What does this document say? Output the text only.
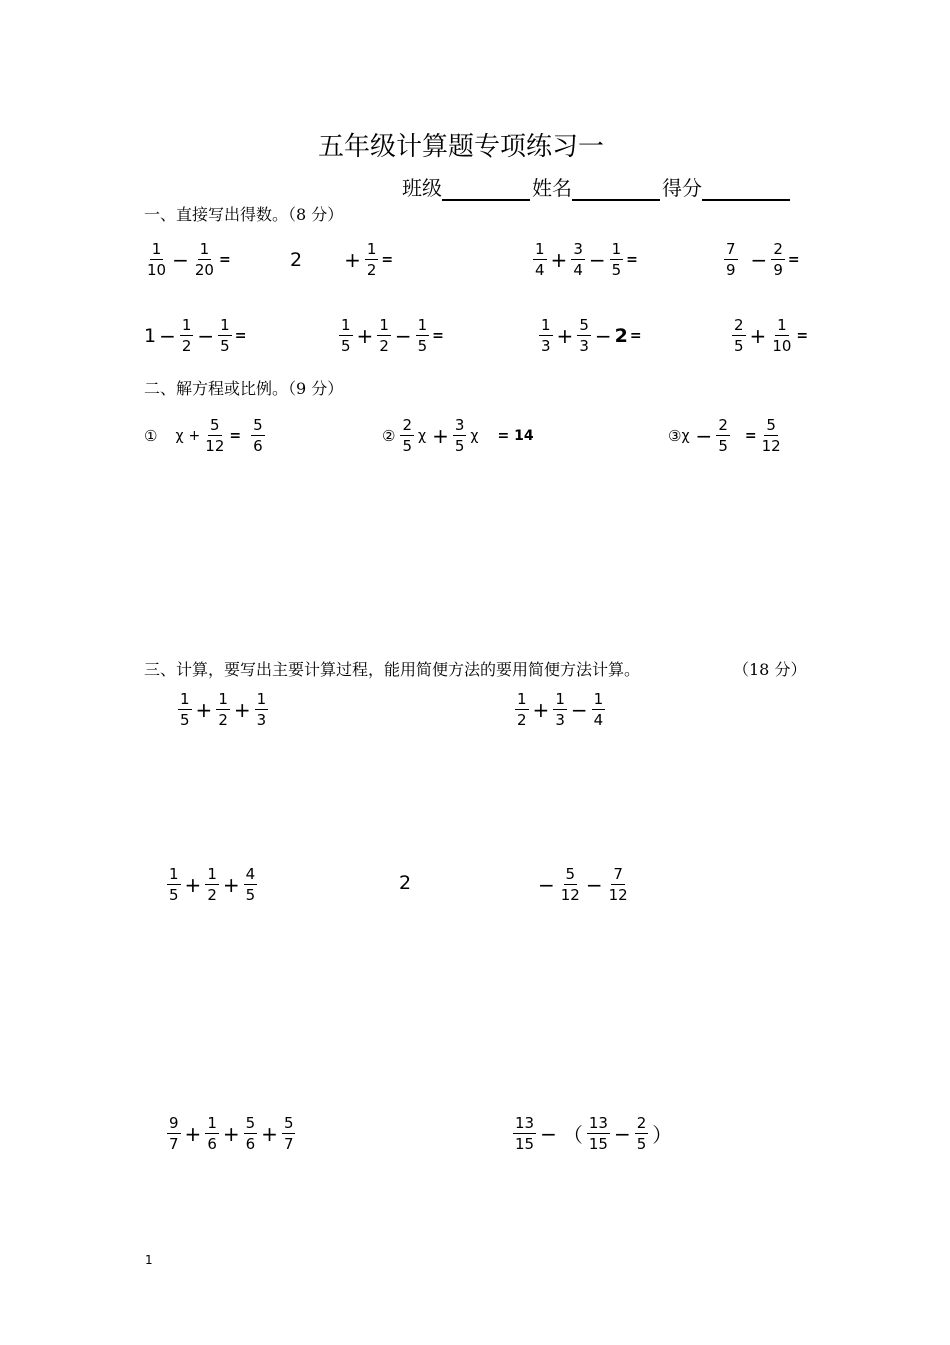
五年级计算题专项练习一
班级	姓名	得分
一、直接写出得数。（8 分）
$\frac{1}{10} - \frac{1}{20}$ =	$2 + \frac{1}{2}$ =	$\frac{1}{4} + \frac{3}{4} - \frac{1}{5}$ =	$\frac{7}{9} - \frac{2}{9}$ =
$1 - \frac{1}{2} - \frac{1}{5}$ =	$\frac{1}{5} + \frac{1}{2} - \frac{1}{5}$ =	$\frac{1}{3} + \frac{5}{3} - 2$ =	$\frac{2}{5} + \frac{1}{10}$ =
二、解方程或比例。（9 分）
① $\chi + \frac{5}{12} = \frac{5}{6}$	② $\frac{2}{5}$ $\chi + \frac{3}{5}$ χ = 14	③χ − $\frac{2}{5} = \frac{5}{12}$
三、计算，要写出主要计算过程，能用简便方法的要用简便方法计算。	（18 分）
$\frac{1}{5} + \frac{1}{2} + \frac{1}{3}$	$\frac{1}{2} + \frac{1}{3} - \frac{1}{4}$
$\frac{1}{5} + \frac{1}{2} + \frac{4}{5}$	2	− $\frac{5}{12} - \frac{7}{12}$
$\frac{9}{7} + \frac{1}{6} + \frac{5}{6} + \frac{5}{7}$	$\frac{13}{15}$ − （ $\frac{13}{15} - \frac{2}{5}$ ）
1
